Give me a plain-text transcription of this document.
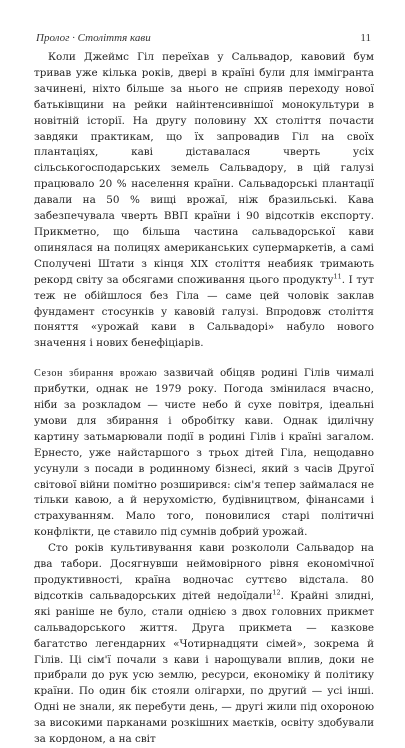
Пролог · Століття кави	11

Коли Джеймс Гіл переїхав у Сальвадор, кавовий бум тривав уже кілька років, двері в країні були для іммігранта зачинені, ніхто більше за нього не сприяв переходу нової батьківщини на рейки найінтенсивнішої монокультури в новітній історії. На другу половину XX століття почасти завдяки практикам, що їх запровадив Гіл на своїх плантаціях, каві діставалася чверть усіх сільськогосподарських земель Сальвадору, в цій галузі працювало 20 % населення країни. Сальвадорські плантації давали на 50 % вищі врожаї, ніж бразильські. Кава забезпечувала чверть ВВП країни і 90 відсотків експорту. Прикметно, що більша частина сальвадорської кави опинялася на полицях американських супермаркетів, а самі Сполучені Штати з кінця XIX століття неабияк тримають рекорд світу за обсягами споживання цього продукту$^{11}$. І тут теж не обійшлося без Гіла — саме цей чоловік заклав фундамент стосунків у кавовій галузі. Впродовж століття поняття «урожай кави в Сальвадорі» набуло нового значення і нових бенефіціарів.

Сезон збирання врожаю зазвичай обіцяв родині Гілів чималі прибутки, однак не 1979 року. Погода змінилася вчасно, ніби за розкладом — чисте небо й сухе повітря, ідеальні умови для збирання і обробітку кави. Однак ідилічну картину затьмарювали події в родині Гілів і країні загалом. Ернесто, уже найстаршого з трьох дітей Гіла, нещодавно усунули з посади в родинному бізнесі, який з часів Другої світової війни помітно розширився: сім'я тепер займалася не тільки кавою, а й нерухомістю, будівництвом, фінансами і страхуванням. Мало того, поновилися старі політичні конфлікти, це ставило під сумнів добрий урожай.

Сто років культивування кави розкололи Сальвадор на два табори. Досягнувши неймовірного рівня економічної продуктивності, країна водночас суттєво відстала. 80 відсотків сальвадорських дітей недоїдали$^{12}$. Крайні злидні, які раніше не було, стали однією з двох головних прикмет сальвадорського життя. Друга прикмета — казкове багатство легендарних «Чотирнадцяти сімей», зокрема й Гілів. Ці сім'ї почали з кави і нарощували вплив, доки не прибрали до рук усю землю, ресурси, економіку й політику країни. По один бік стояли олігархи, по другий — усі інші. Одні не знали, як перебути день, — другі жили під охороною за високими парканами розкішних маєтків, освіту здобували за кордоном, а на світ
